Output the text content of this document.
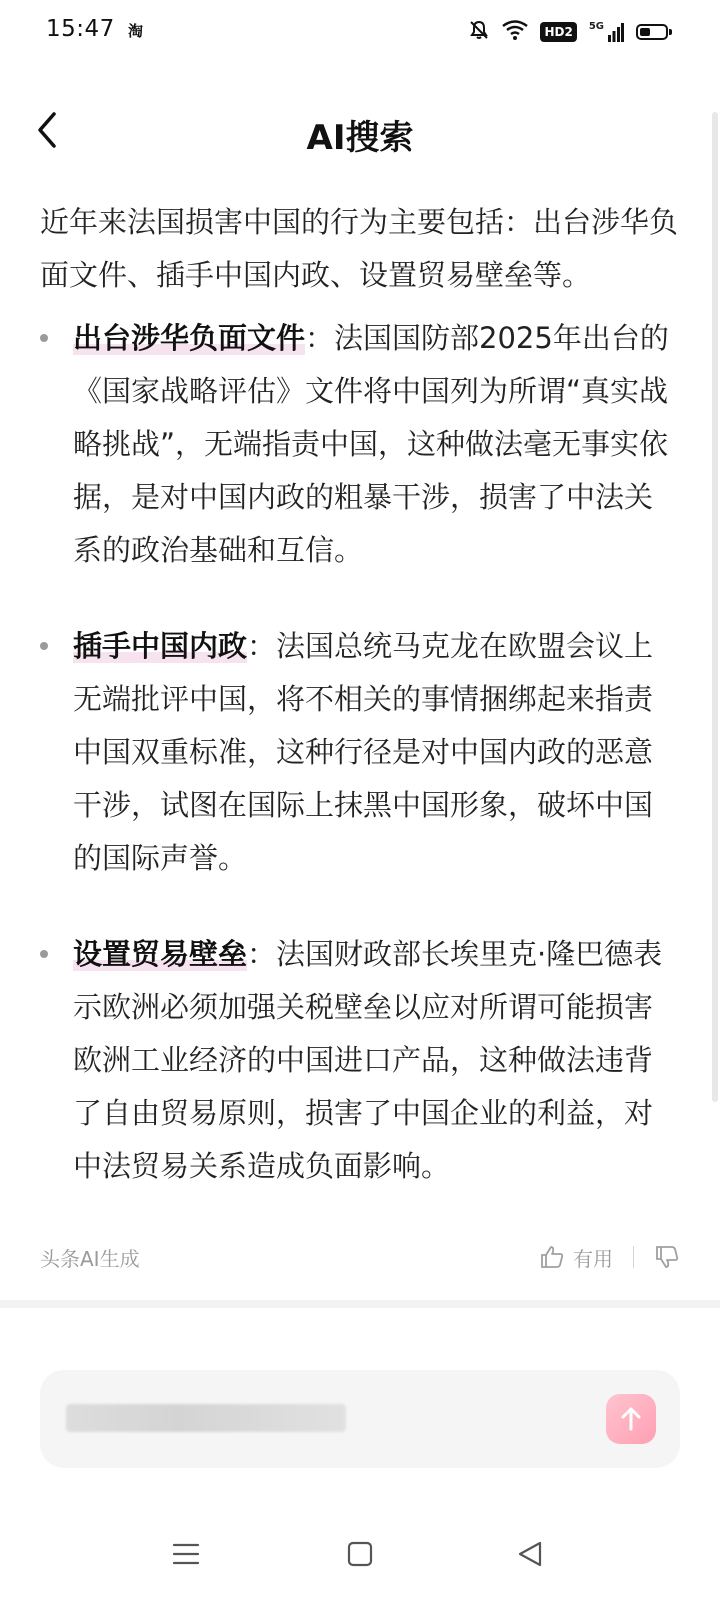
15:47 淘	HD2	5G
AI搜索

近年来法国损害中国的行为主要包括：出台涉华负面文件、插手中国内政、设置贸易壁垒等。

出台涉华负面文件：法国国防部2025年出台的《国家战略评估》文件将中国列为所谓“真实战略挑战”，无端指责中国，这种做法毫无事实依据，是对中国内政的粗暴干涉，损害了中法关系的政治基础和互信。
插手中国内政：法国总统马克龙在欧盟会议上无端批评中国，将不相关的事情捆绑起来指责中国双重标准，这种行径是对中国内政的恶意干涉，试图在国际上抹黑中国形象，破坏中国的国际声誉。
设置贸易壁垒：法国财政部长埃里克·隆巴德表示欧洲必须加强关税壁垒以应对所谓可能损害欧洲工业经济的中国进口产品，这种做法违背了自由贸易原则，损害了中国企业的利益，对中法贸易关系造成负面影响。
头条AI生成	有用
